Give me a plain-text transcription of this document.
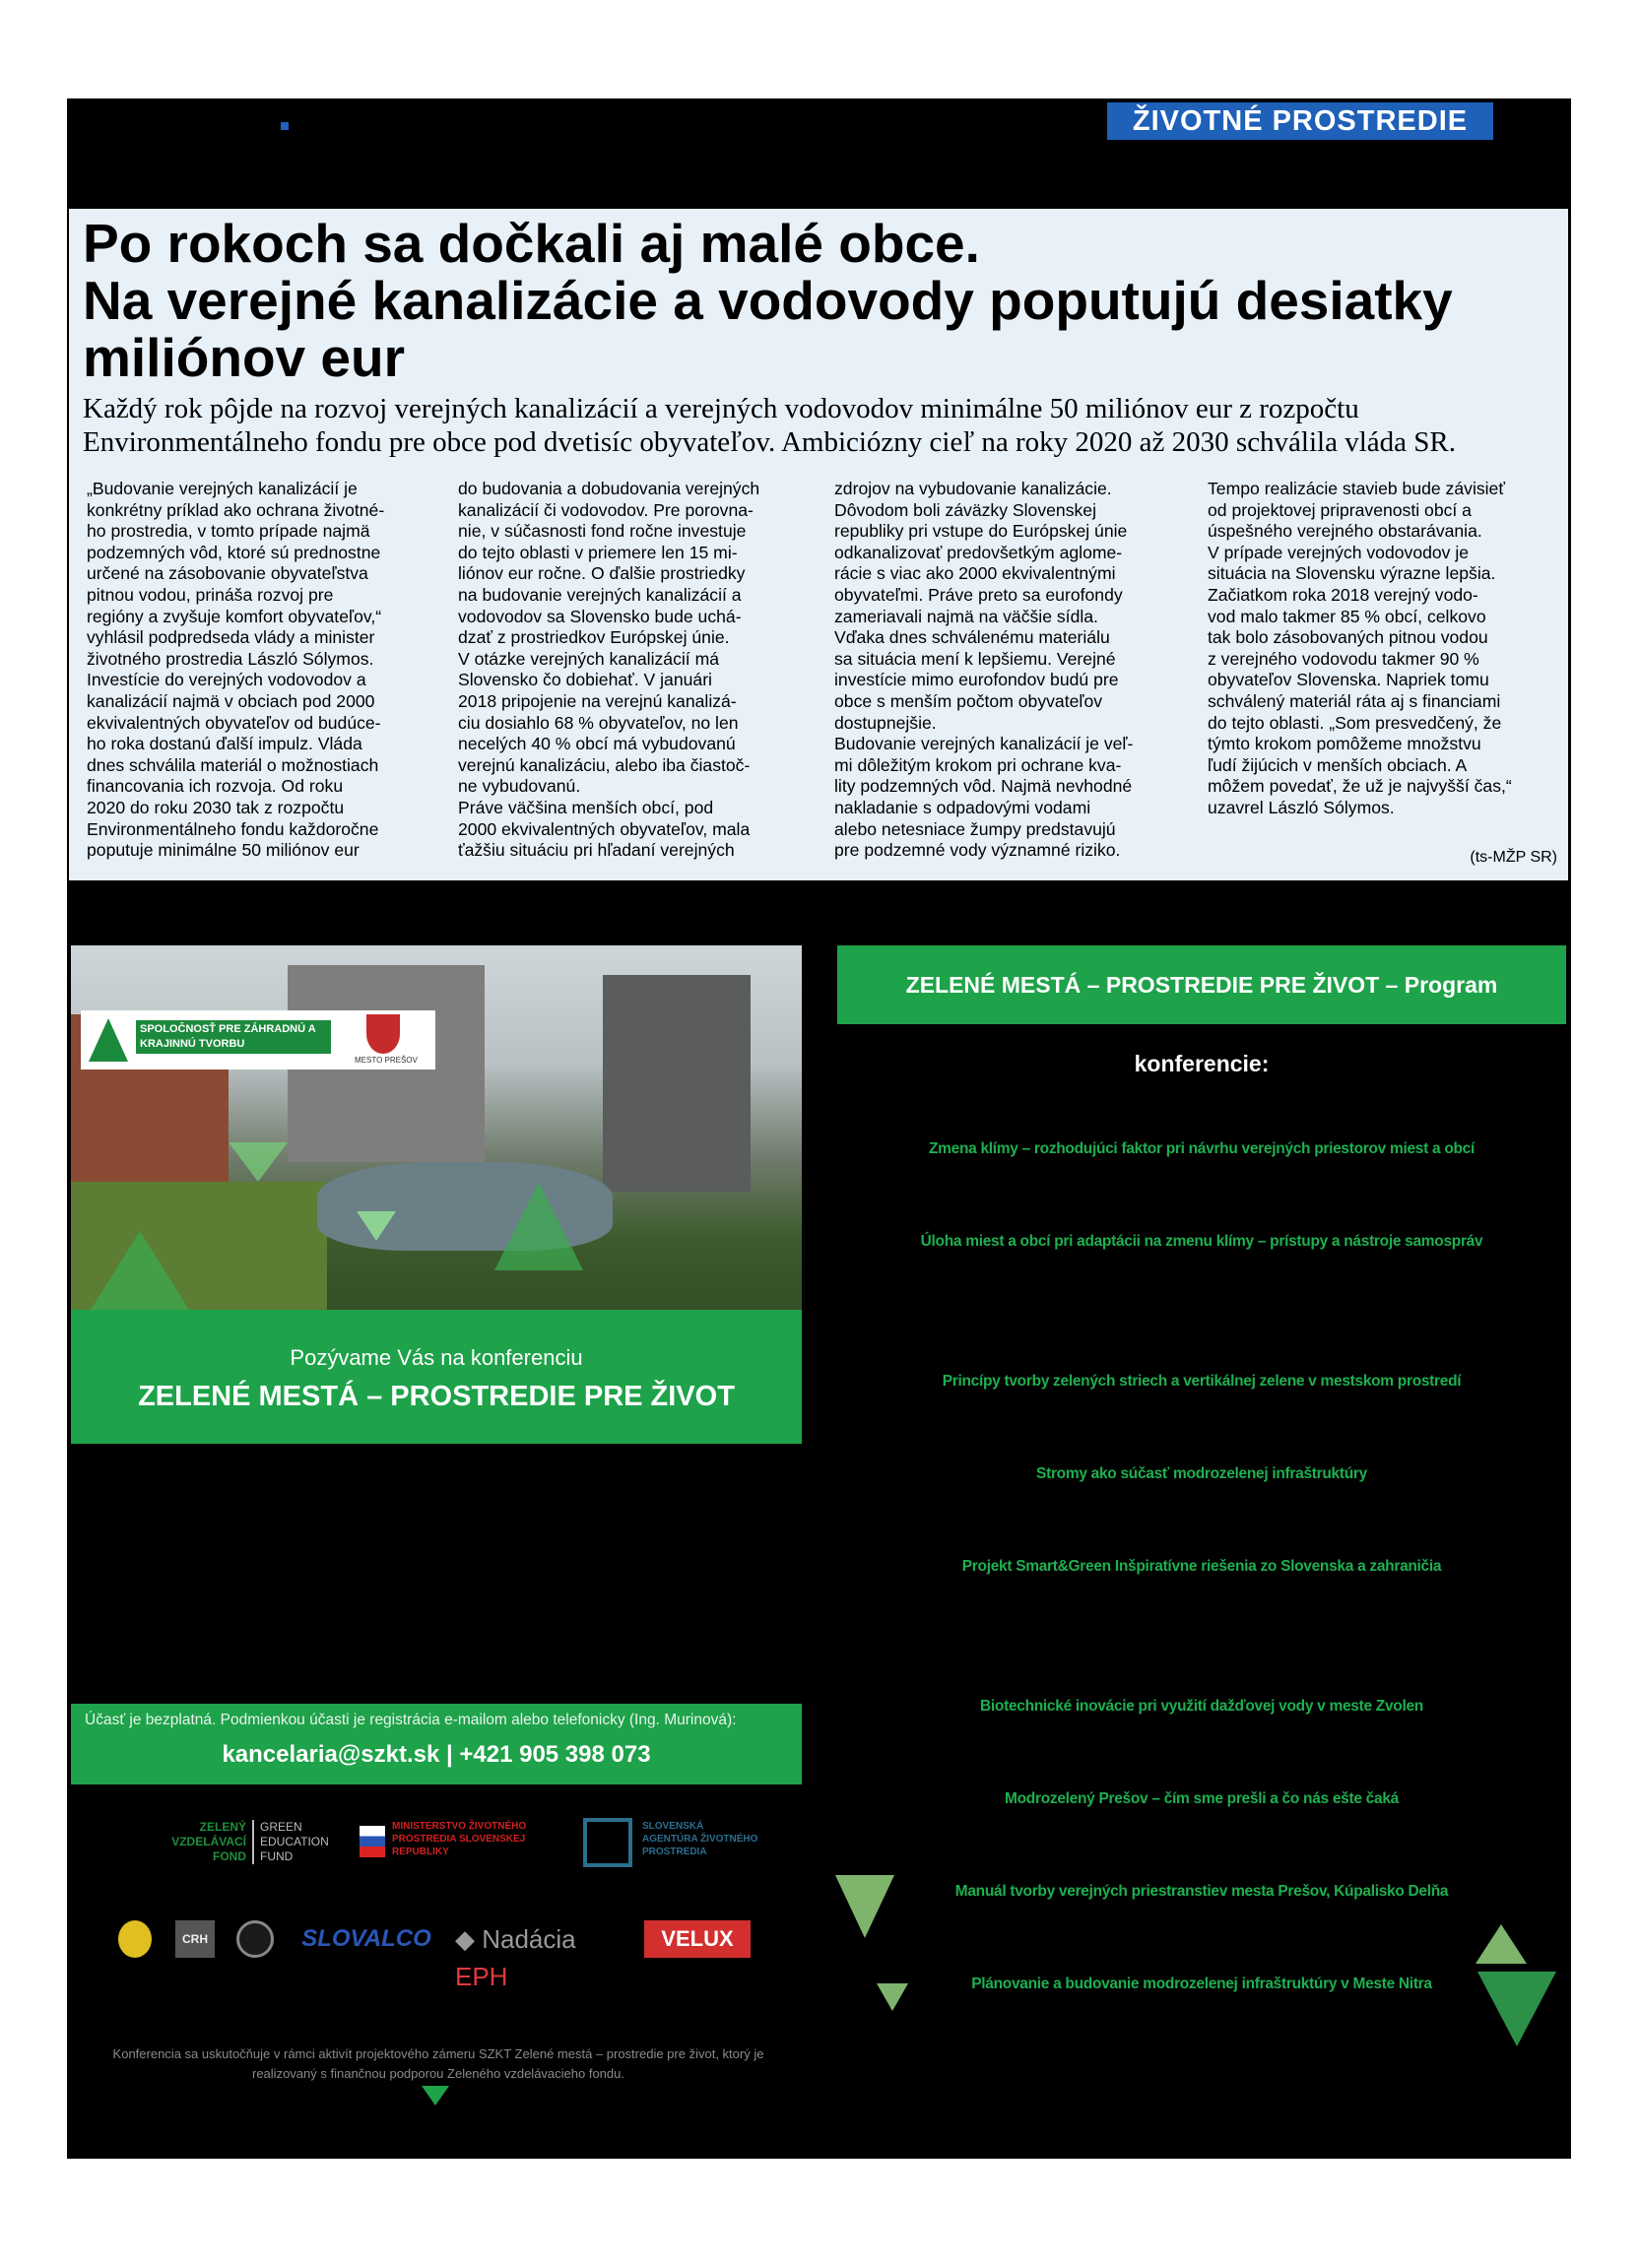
ŽIVOTNÉ PROSTREDIE
Po rokoch sa dočkali aj malé obce.
Na verejné kanalizácie a vodovody poputujú desiatky
miliónov eur

Každý rok pôjde na rozvoj verejných kanalizácií a verejných vodovodov minimálne 50 miliónov eur z rozpočtu Environmentálneho fondu pre obce pod dvetisíc obyvateľov. Ambiciózny cieľ na roky 2020 až 2030 schválila vláda SR.

„Budovanie verejných kanalizácií je
konkrétny príklad ako ochrana životné-
ho prostredia, v tomto prípade najmä
podzemných vôd, ktoré sú prednostne
určené na zásobovanie obyvateľstva
pitnou vodou, prináša rozvoj pre
regióny a zvyšuje komfort obyvateľov,“
vyhlásil podpredseda vlády a minister
životného prostredia László Sólymos.
Investície do verejných vodovodov a
kanalizácií najmä v obciach pod 2000
ekvivalentných obyvateľov od budúce-
ho roka dostanú ďalší impulz. Vláda
dnes schválila materiál o možnostiach
financovania ich rozvoja. Od roku
2020 do roku 2030 tak z rozpočtu
Environmentálneho fondu každoročne
poputuje minimálne 50 miliónov eur

do budovania a dobudovania verejných
kanalizácií či vodovodov. Pre porovna-
nie, v súčasnosti fond ročne investuje
do tejto oblasti v priemere len 15 mi-
liónov eur ročne. O ďalšie prostriedky
na budovanie verejných kanalizácií a
vodovodov sa Slovensko bude uchá-
dzať z prostriedkov Európskej únie.
V otázke verejných kanalizácií má
Slovensko čo dobiehať. V januári
2018 pripojenie na verejnú kanalizá-
ciu dosiahlo 68 % obyvateľov, no len
necelých 40 % obcí má vybudovanú
verejnú kanalizáciu, alebo iba čiastoč-
ne vybudovanú.
Práve väčšina menších obcí, pod
2000 ekvivalentných obyvateľov, mala
ťažšiu situáciu pri hľadaní verejných

zdrojov na vybudovanie kanalizácie.
Dôvodom boli záväzky Slovenskej
republiky pri vstupe do Európskej únie
odkanalizovať predovšetkým aglome-
rácie s viac ako 2000 ekvivalentnými
obyvateľmi. Práve preto sa eurofondy
zameriavali najmä na väčšie sídla.
Vďaka dnes schválenému materiálu
sa situácia mení k lepšiemu. Verejné
investície mimo eurofondov budú pre
obce s menším počtom obyvateľov
dostupnejšie.
Budovanie verejných kanalizácií je veľ-
mi dôležitým krokom pri ochrane kva-
lity podzemných vôd. Najmä nevhodné
nakladanie s odpadovými vodami
alebo netesniace žumpy predstavujú
pre podzemné vody významné riziko.

Tempo realizácie stavieb bude závisieť
od projektovej pripravenosti obcí a
úspešného verejného obstarávania.
V prípade verejných vodovodov je
situácia na Slovensku výrazne lepšia.
Začiatkom roka 2018 verejný vodo-
vod malo takmer 85 % obcí, celkovo
tak bolo zásobovaných pitnou vodou
z verejného vodovodu takmer 90 %
obyvateľov Slovenska. Napriek tomu
schválený materiál ráta aj s financiami
do tejto oblasti. „Som presvedčený, že
týmto krokom pomôžeme množstvu
ľudí žijúcich v menších obciach. A
môžem povedať, že už je najvyšší čas,“
uzavrel László Sólymos.

(ts-MŽP SR)
SPOLOČNOSŤ PRE ZÁHRADNÚ A KRAJINNÚ TVORBU
MESTO PREŠOV
Pozývame Vás na konferenciu
ZELENÉ MESTÁ – PROSTREDIE PRE ŽIVOT
Účasť je bezplatná. Podmienkou účasti je registrácia e-mailom alebo telefonicky (Ing. Murinová):
kancelaria@szkt.sk | +421 905 398 073
ZELENÝ VZDELÁVACÍ FOND
GREEN EDUCATION FUND
MINISTERSTVO ŽIVOTNÉHO PROSTREDIA SLOVENSKEJ REPUBLIKY
SLOVENSKÁ AGENTÚRA ŽIVOTNÉHO PROSTREDIA
CRH	SLOVALCO ◆ Nadácia EPH
VELUX
Konferencia sa uskutočňuje v rámci aktivít projektového zámeru SZKT Zelené mestá – prostredie pre život, ktorý je realizovaný s finančnou podporou Zeleného vzdelávacieho fondu.
ZELENÉ MESTÁ – PROSTREDIE PRE ŽIVOT – Program konferencie:
Zmena klímy – rozhodujúci faktor pri návrhu verejných priestorov miest a obcí
Úloha miest a obcí pri adaptácii na zmenu klímy – prístupy a nástroje samospráv
Princípy tvorby zelených striech a vertikálnej zelene v mestskom prostredí
Stromy ako súčasť modrozelenej infraštruktúry
Projekt Smart&Green Inšpiratívne riešenia zo Slovenska a zahraničia
Biotechnické inovácie pri využití dažďovej vody v meste Zvolen
Modrozelený Prešov – čím sme prešli a čo nás ešte čaká
Manuál tvorby verejných priestranstiev mesta Prešov, Kúpalisko Delňa
Plánovanie a budovanie modrozelenej infraštruktúry v Meste Nitra
